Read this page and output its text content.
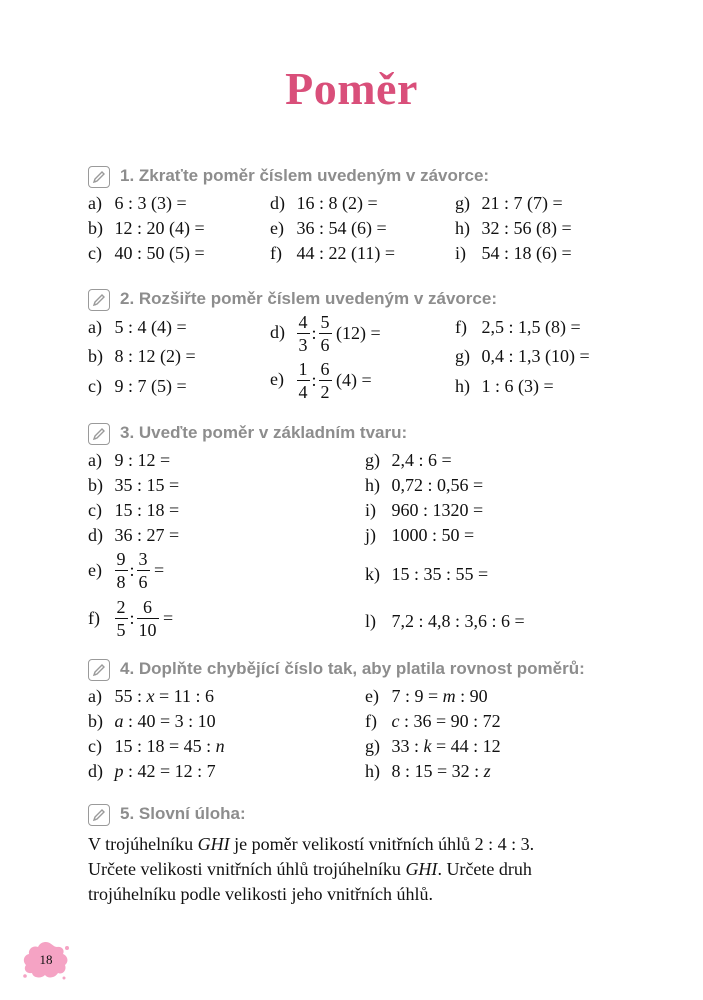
Poměr
1. Zkraťte poměr číslem uvedeným v závorce:
a) 6 : 3 (3) =
b) 12 : 20 (4) =
c) 40 : 50 (5) =
d) 16 : 8 (2) =
e) 36 : 54 (6) =
f) 44 : 22 (11) =
g) 21 : 7 (7) =
h) 32 : 56 (8) =
i) 54 : 18 (6) =
2. Rozšiřte poměr číslem uvedeným v závorce:
a) 5 : 4 (4) =
b) 8 : 12 (2) =
c) 9 : 7 (5) =
$d) \frac{4}{3}$ : $\frac{5}{6} (12)$ =
$e) \frac{1}{4}$ : $\frac{6}{2} (4)$ =
f) 2,5 : 1,5 (8) =
g) 0,4 : 1,3 (10) =
h) 1 : 6 (3) =
3. Uveďte poměr v základním tvaru:
a) 9 : 12 =
b) 35 : 15 =
c) 15 : 18 =
d) 36 : 27 =
$e) \frac{9}{8}$ : $\frac{3}{6}$ =
$f) \frac{2}{5}$ : $\frac{6}{10}$ =
g) 2,4 : 6 =
h) 0,72 : 0,56 =
i) 960 : 1320 =
j) 1000 : 50 =
k) 15 : 35 : 55 =
l) 7,2 : 4,8 : 3,6 : 6 =
4. Doplňte chybějící číslo tak, aby platila rovnost poměrů:
a) 55 : x = 11 : 6
b) a : 40 = 3 : 10
c) 15 : 18 = 45 : n
d) p : 42 = 12 : 7
e) 7 : 9 = m : 90
f) c : 36 = 90 : 72
g) 33 : k = 44 : 12
h) 8 : 15 = 32 : z
5. Slovní úloha:
V trojúhelníku GHI je poměr velikostí vnitřních úhlů 2 : 4 : 3.
Určete velikosti vnitřních úhlů trojúhelníku GHI. Určete druh
trojúhelníku podle velikosti jeho vnitřních úhlů.
18
